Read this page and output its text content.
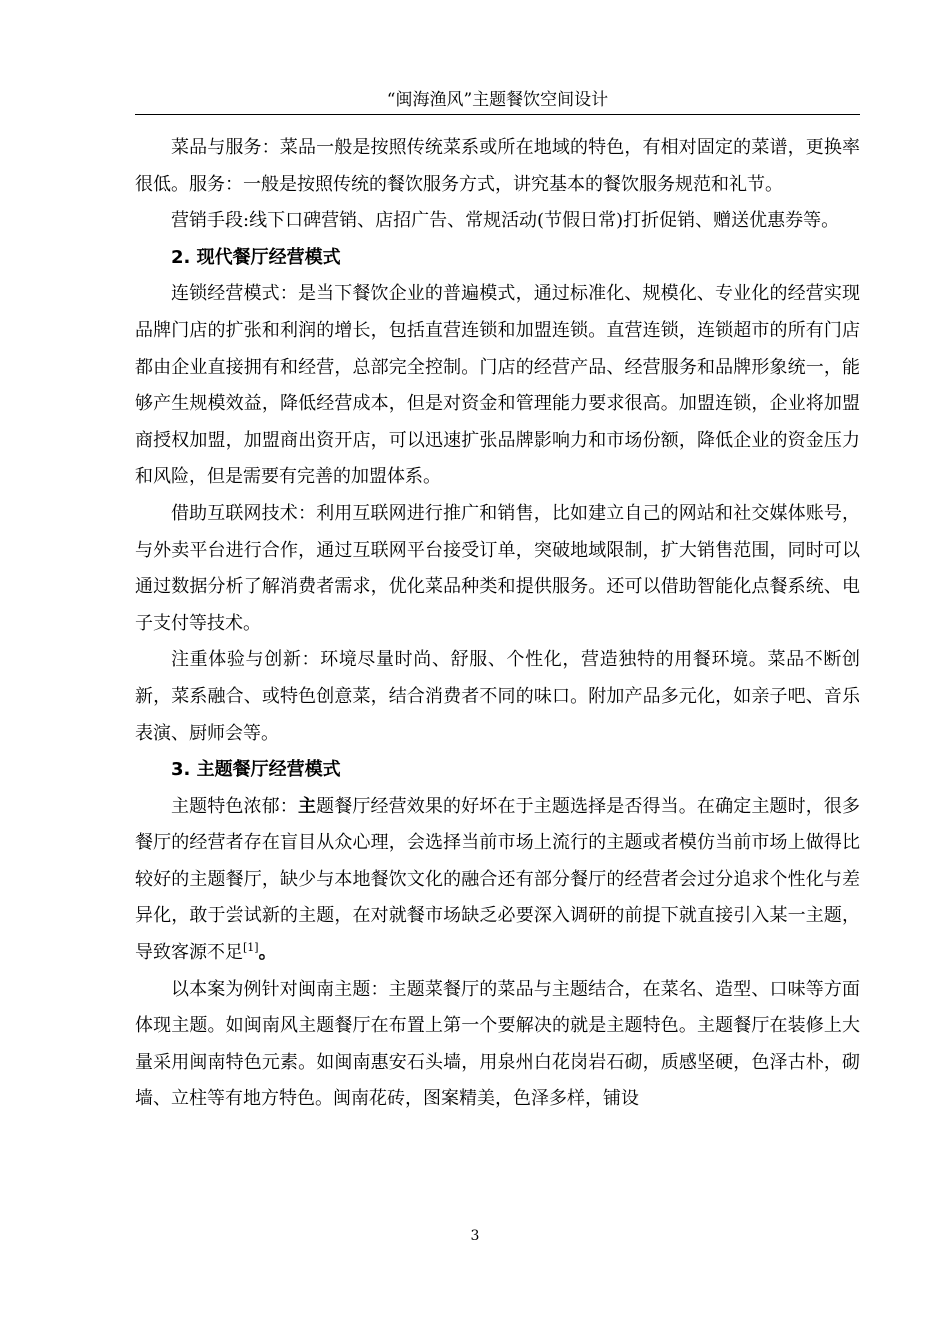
“闽海渔风”主题餐饮空间设计

菜品与服务：菜品一般是按照传统菜系或所在地域的特色，有相对固定的菜谱，更换率很低。服务：一般是按照传统的餐饮服务方式，讲究基本的餐饮服务规范和礼节。

营销手段:线下口碑营销、店招广告、常规活动(节假日常)打折促销、赠送优惠券等。

2. 现代餐厅经营模式

连锁经营模式：是当下餐饮企业的普遍模式，通过标准化、规模化、专业化的经营实现品牌门店的扩张和利润的增长，包括直营连锁和加盟连锁。直营连锁，连锁超市的所有门店都由企业直接拥有和经营，总部完全控制。门店的经营产品、经营服务和品牌形象统一，能够产生规模效益，降低经营成本，但是对资金和管理能力要求很高。加盟连锁，企业将加盟商授权加盟，加盟商出资开店，可以迅速扩张品牌影响力和市场份额，降低企业的资金压力和风险，但是需要有完善的加盟体系。

借助互联网技术：利用互联网进行推广和销售，比如建立自己的网站和社交媒体账号，与外卖平台进行合作，通过互联网平台接受订单，突破地域限制，扩大销售范围，同时可以通过数据分析了解消费者需求，优化菜品种类和提供服务。还可以借助智能化点餐系统、电子支付等技术。

注重体验与创新：环境尽量时尚、舒服、个性化，营造独特的用餐环境。菜品不断创新，菜系融合、或特色创意菜，结合消费者不同的味口。附加产品多元化，如亲子吧、音乐表演、厨师会等。

3. 主题餐厅经营模式

主题特色浓郁：主题餐厅经营效果的好坏在于主题选择是否得当。在确定主题时，很多餐厅的经营者存在盲目从众心理，会选择当前市场上流行的主题或者模仿当前市场上做得比较好的主题餐厅，缺少与本地餐饮文化的融合还有部分餐厅的经营者会过分追求个性化与差异化，敢于尝试新的主题，在对就餐市场缺乏必要深入调研的前提下就直接引入某一主题，导致客源不足[1]。

以本案为例针对闽南主题：主题菜餐厅的菜品与主题结合，在菜名、造型、口味等方面体现主题。如闽南风主题餐厅在布置上第一个要解决的就是主题特色。主题餐厅在装修上大量采用闽南特色元素。如闽南惠安石头墙，用泉州白花岗岩石砌，质感坚硬，色泽古朴，砌墙、立柱等有地方特色。闽南花砖，图案精美，色泽多样，铺设

3
